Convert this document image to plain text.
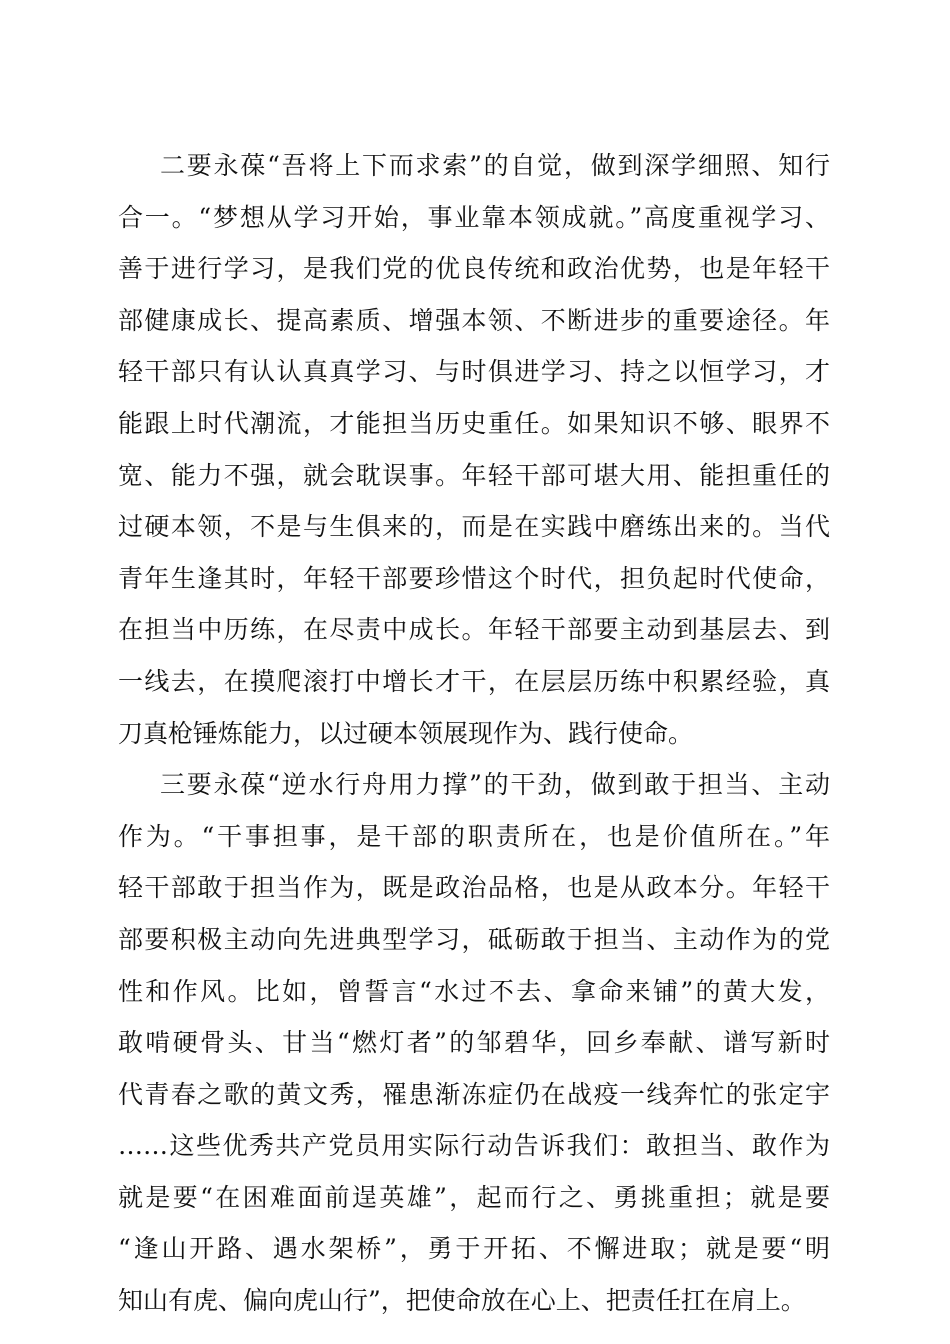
二要永葆“吾将上下而求索”的自觉，做到深学细照、知行
合一。“梦想从学习开始，事业靠本领成就。”高度重视学习、
善于进行学习，是我们党的优良传统和政治优势，也是年轻干
部健康成长、提高素质、增强本领、不断进步的重要途径。年
轻干部只有认认真真学习、与时俱进学习、持之以恒学习，才
能跟上时代潮流，才能担当历史重任。如果知识不够、眼界不
宽、能力不强，就会耽误事。年轻干部可堪大用、能担重任的
过硬本领，不是与生俱来的，而是在实践中磨练出来的。当代
青年生逢其时，年轻干部要珍惜这个时代，担负起时代使命，
在担当中历练，在尽责中成长。年轻干部要主动到基层去、到
一线去，在摸爬滚打中增长才干，在层层历练中积累经验，真
刀真枪锤炼能力，以过硬本领展现作为、践行使命。
三要永葆“逆水行舟用力撑”的干劲，做到敢于担当、主动
作为。“干事担事，是干部的职责所在，也是价值所在。”年
轻干部敢于担当作为，既是政治品格，也是从政本分。年轻干
部要积极主动向先进典型学习，砥砺敢于担当、主动作为的党
性和作风。比如，曾誓言“水过不去、拿命来铺”的黄大发，
敢啃硬骨头、甘当“燃灯者”的邹碧华，回乡奉献、谱写新时
代青春之歌的黄文秀，罹患渐冻症仍在战疫一线奔忙的张定宇
……这些优秀共产党员用实际行动告诉我们：敢担当、敢作为
就是要“在困难面前逞英雄”，起而行之、勇挑重担；就是要
“逢山开路、遇水架桥”，勇于开拓、不懈进取；就是要“明
知山有虎、偏向虎山行”，把使命放在心上、把责任扛在肩上。
